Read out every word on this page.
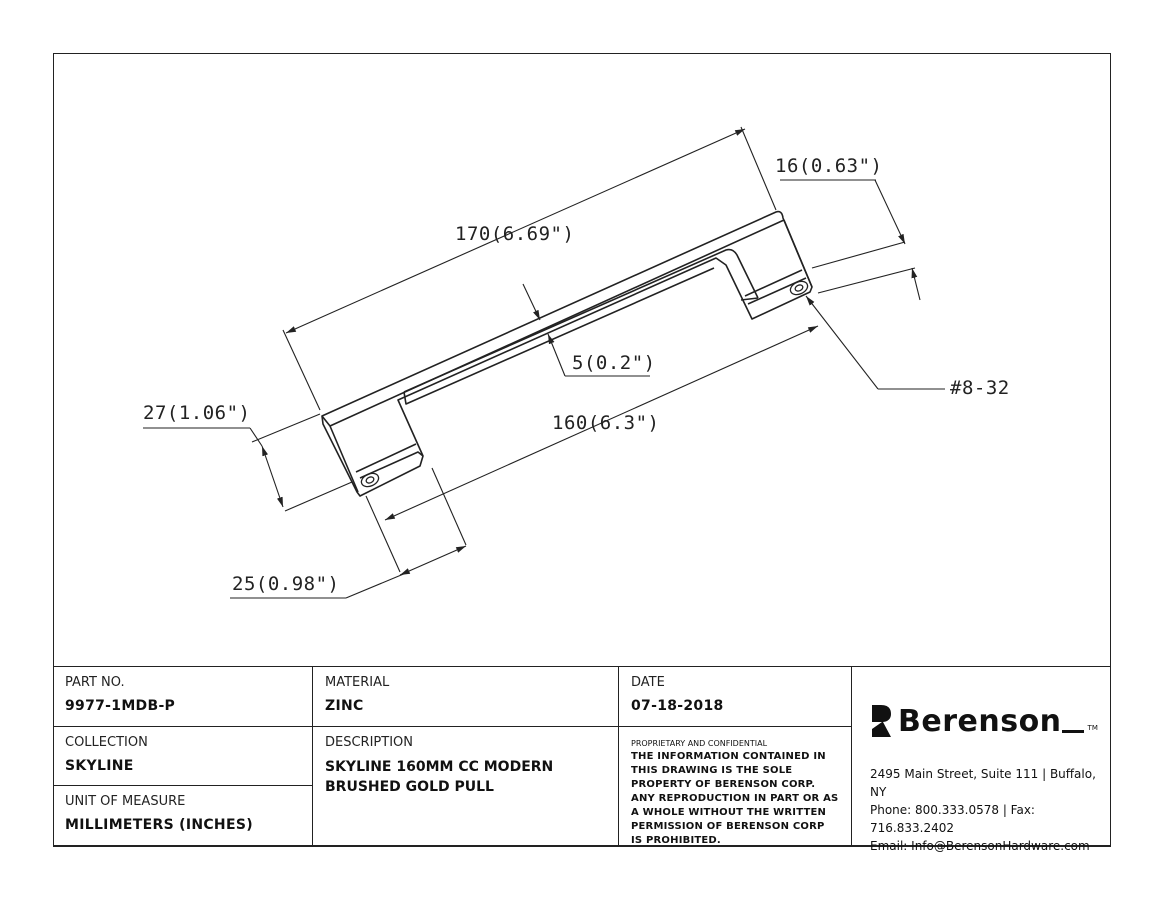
170(6.69")
16(0.63")
27(1.06")
5(0.2")
160(6.3")
25(0.98")
#8-32
PART NO.
9977-1MDB-P
MATERIAL
ZINC
DATE
07-18-2018
COLLECTION
SKYLINE
UNIT OF MEASURE
MILLIMETERS (INCHES)
DESCRIPTION
SKYLINE 160MM CC MODERN BRUSHED GOLD PULL
PROPRIETARY AND CONFIDENTIAL
THE INFORMATION CONTAINED IN THIS DRAWING IS THE SOLE PROPERTY OF BERENSON CORP. ANY REPRODUCTION IN PART OR AS A WHOLE WITHOUT THE WRITTEN PERMISSION OF BERENSON CORP IS PROHIBITED.
Berenson	TM
2495 Main Street, Suite 111 | Buffalo, NY
Phone: 800.333.0578 | Fax: 716.833.2402
Email: Info@BerensonHardware.com
